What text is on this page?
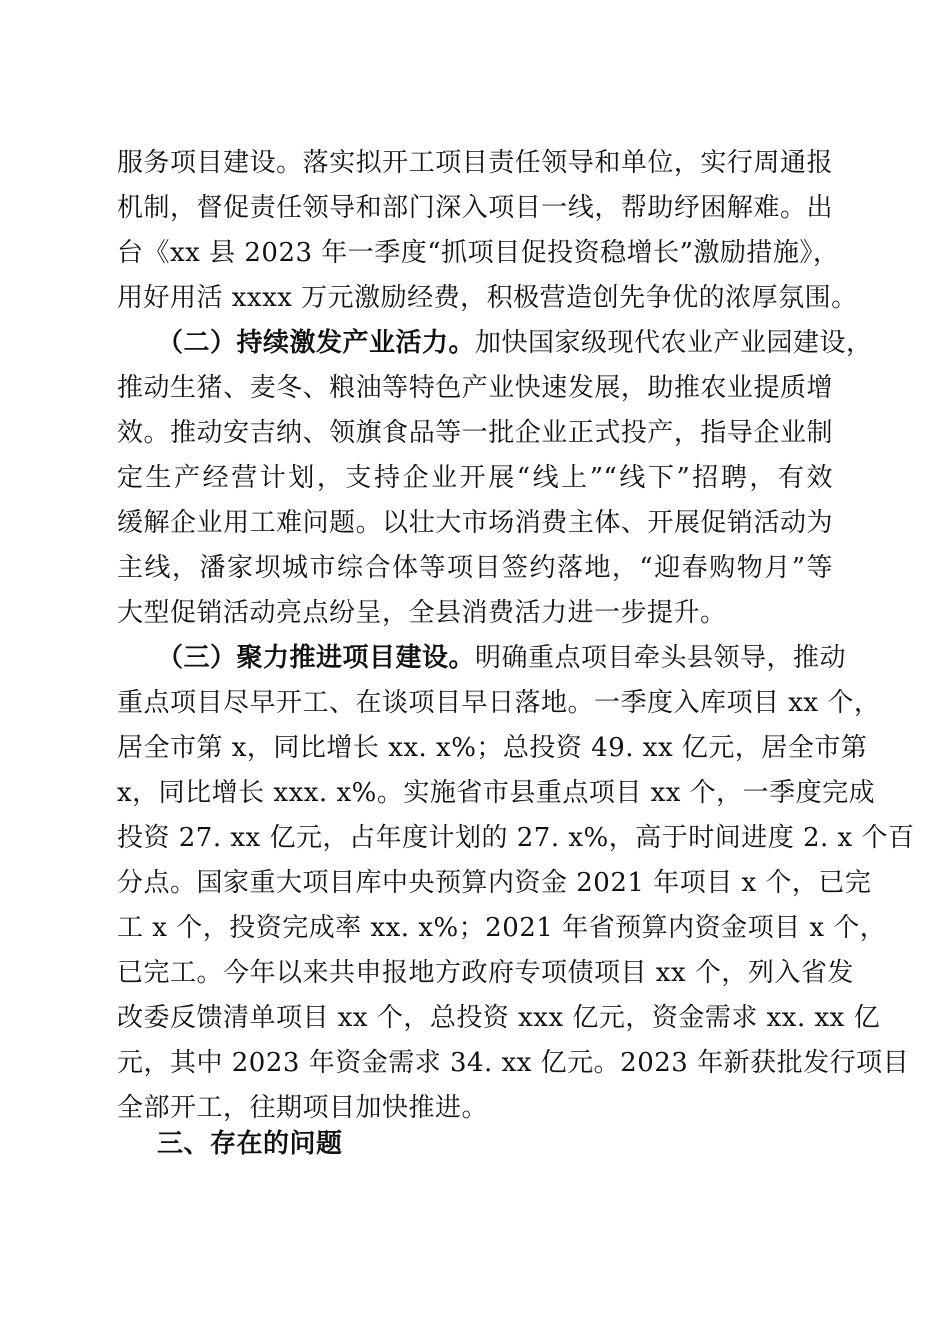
服务项目建设。落实拟开工项目责任领导和单位，实行周通报
机制，督促责任领导和部门深入项目一线，帮助纾困解难。出
台《xx 县 2023 年一季度“抓项目促投资稳增长”激励措施》，
用好用活 xxxx 万元激励经费，积极营造创先争优的浓厚氛围。
（二）持续激发产业活力。加快国家级现代农业产业园建设，
推动生猪、麦冬、粮油等特色产业快速发展，助推农业提质增
效。推动安吉纳、领旗食品等一批企业正式投产，指导企业制
定生产经营计划，支持企业开展“线上”“线下”招聘，有效
缓解企业用工难问题。以壮大市场消费主体、开展促销活动为
主线，潘家坝城市综合体等项目签约落地，“迎春购物月”等
大型促销活动亮点纷呈，全县消费活力进一步提升。
（三）聚力推进项目建设。明确重点项目牵头县领导，推动
重点项目尽早开工、在谈项目早日落地。一季度入库项目 xx 个，
居全市第 x，同比增长 xx. x%；总投资 49. xx 亿元，居全市第
x，同比增长 xxx. x%。实施省市县重点项目 xx 个，一季度完成
投资 27. xx 亿元，占年度计划的 27. x%，高于时间进度 2. x 个百
分点。国家重大项目库中央预算内资金 2021 年项目 x 个，已完
工 x 个，投资完成率 xx. x%；2021 年省预算内资金项目 x 个，
已完工。今年以来共申报地方政府专项债项目 xx 个，列入省发
改委反馈清单项目 xx 个，总投资 xxx 亿元，资金需求 xx. xx 亿
元，其中 2023 年资金需求 34. xx 亿元。2023 年新获批发行项目
全部开工，往期项目加快推进。
三、存在的问题
